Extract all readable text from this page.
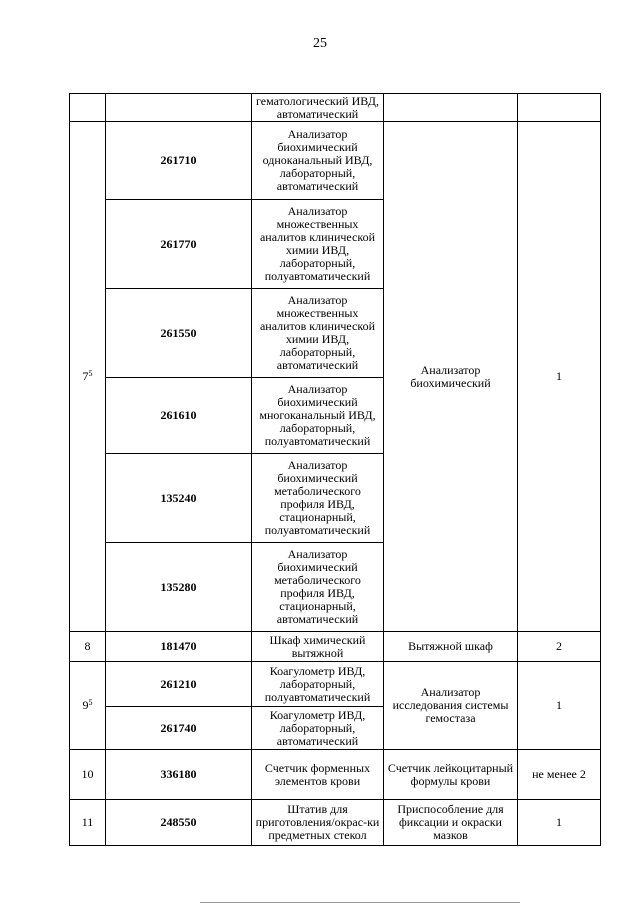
25
		гематологический ИВД, автоматический		
$7^5$	261710	Анализатор биохимический одноканальный ИВД, лабораторный, автоматический	Анализатор биохимический	1
	261770	Анализатор множественных аналитов клинической химии ИВД, лабораторный, полуавтоматический		
	261550	Анализатор множественных аналитов клинической химии ИВД, лабораторный, автоматический		
	261610	Анализатор биохимический многоканальный ИВД, лабораторный, полуавтоматический		
	135240	Анализатор биохимический метаболического профиля ИВД, стационарный, полуавтоматический		
	135280	Анализатор биохимический метаболического профиля ИВД, стационарный, автоматический		
8	181470	Шкаф химический вытяжной	Вытяжной шкаф	2
$9^5$	261210	Коагулометр ИВД, лабораторный, полуавтоматический	Анализатор исследования системы гемостаза	1
	261740	Коагулометр ИВД, лабораторный, автоматический		
10	336180	Счетчик форменных элементов крови	Счетчик лейкоцитарный формулы крови	не менее 2
11	248550	Штатив для приготовления/окрас-ки предметных стекол	Приспособление для фиксации и окраски мазков	1
